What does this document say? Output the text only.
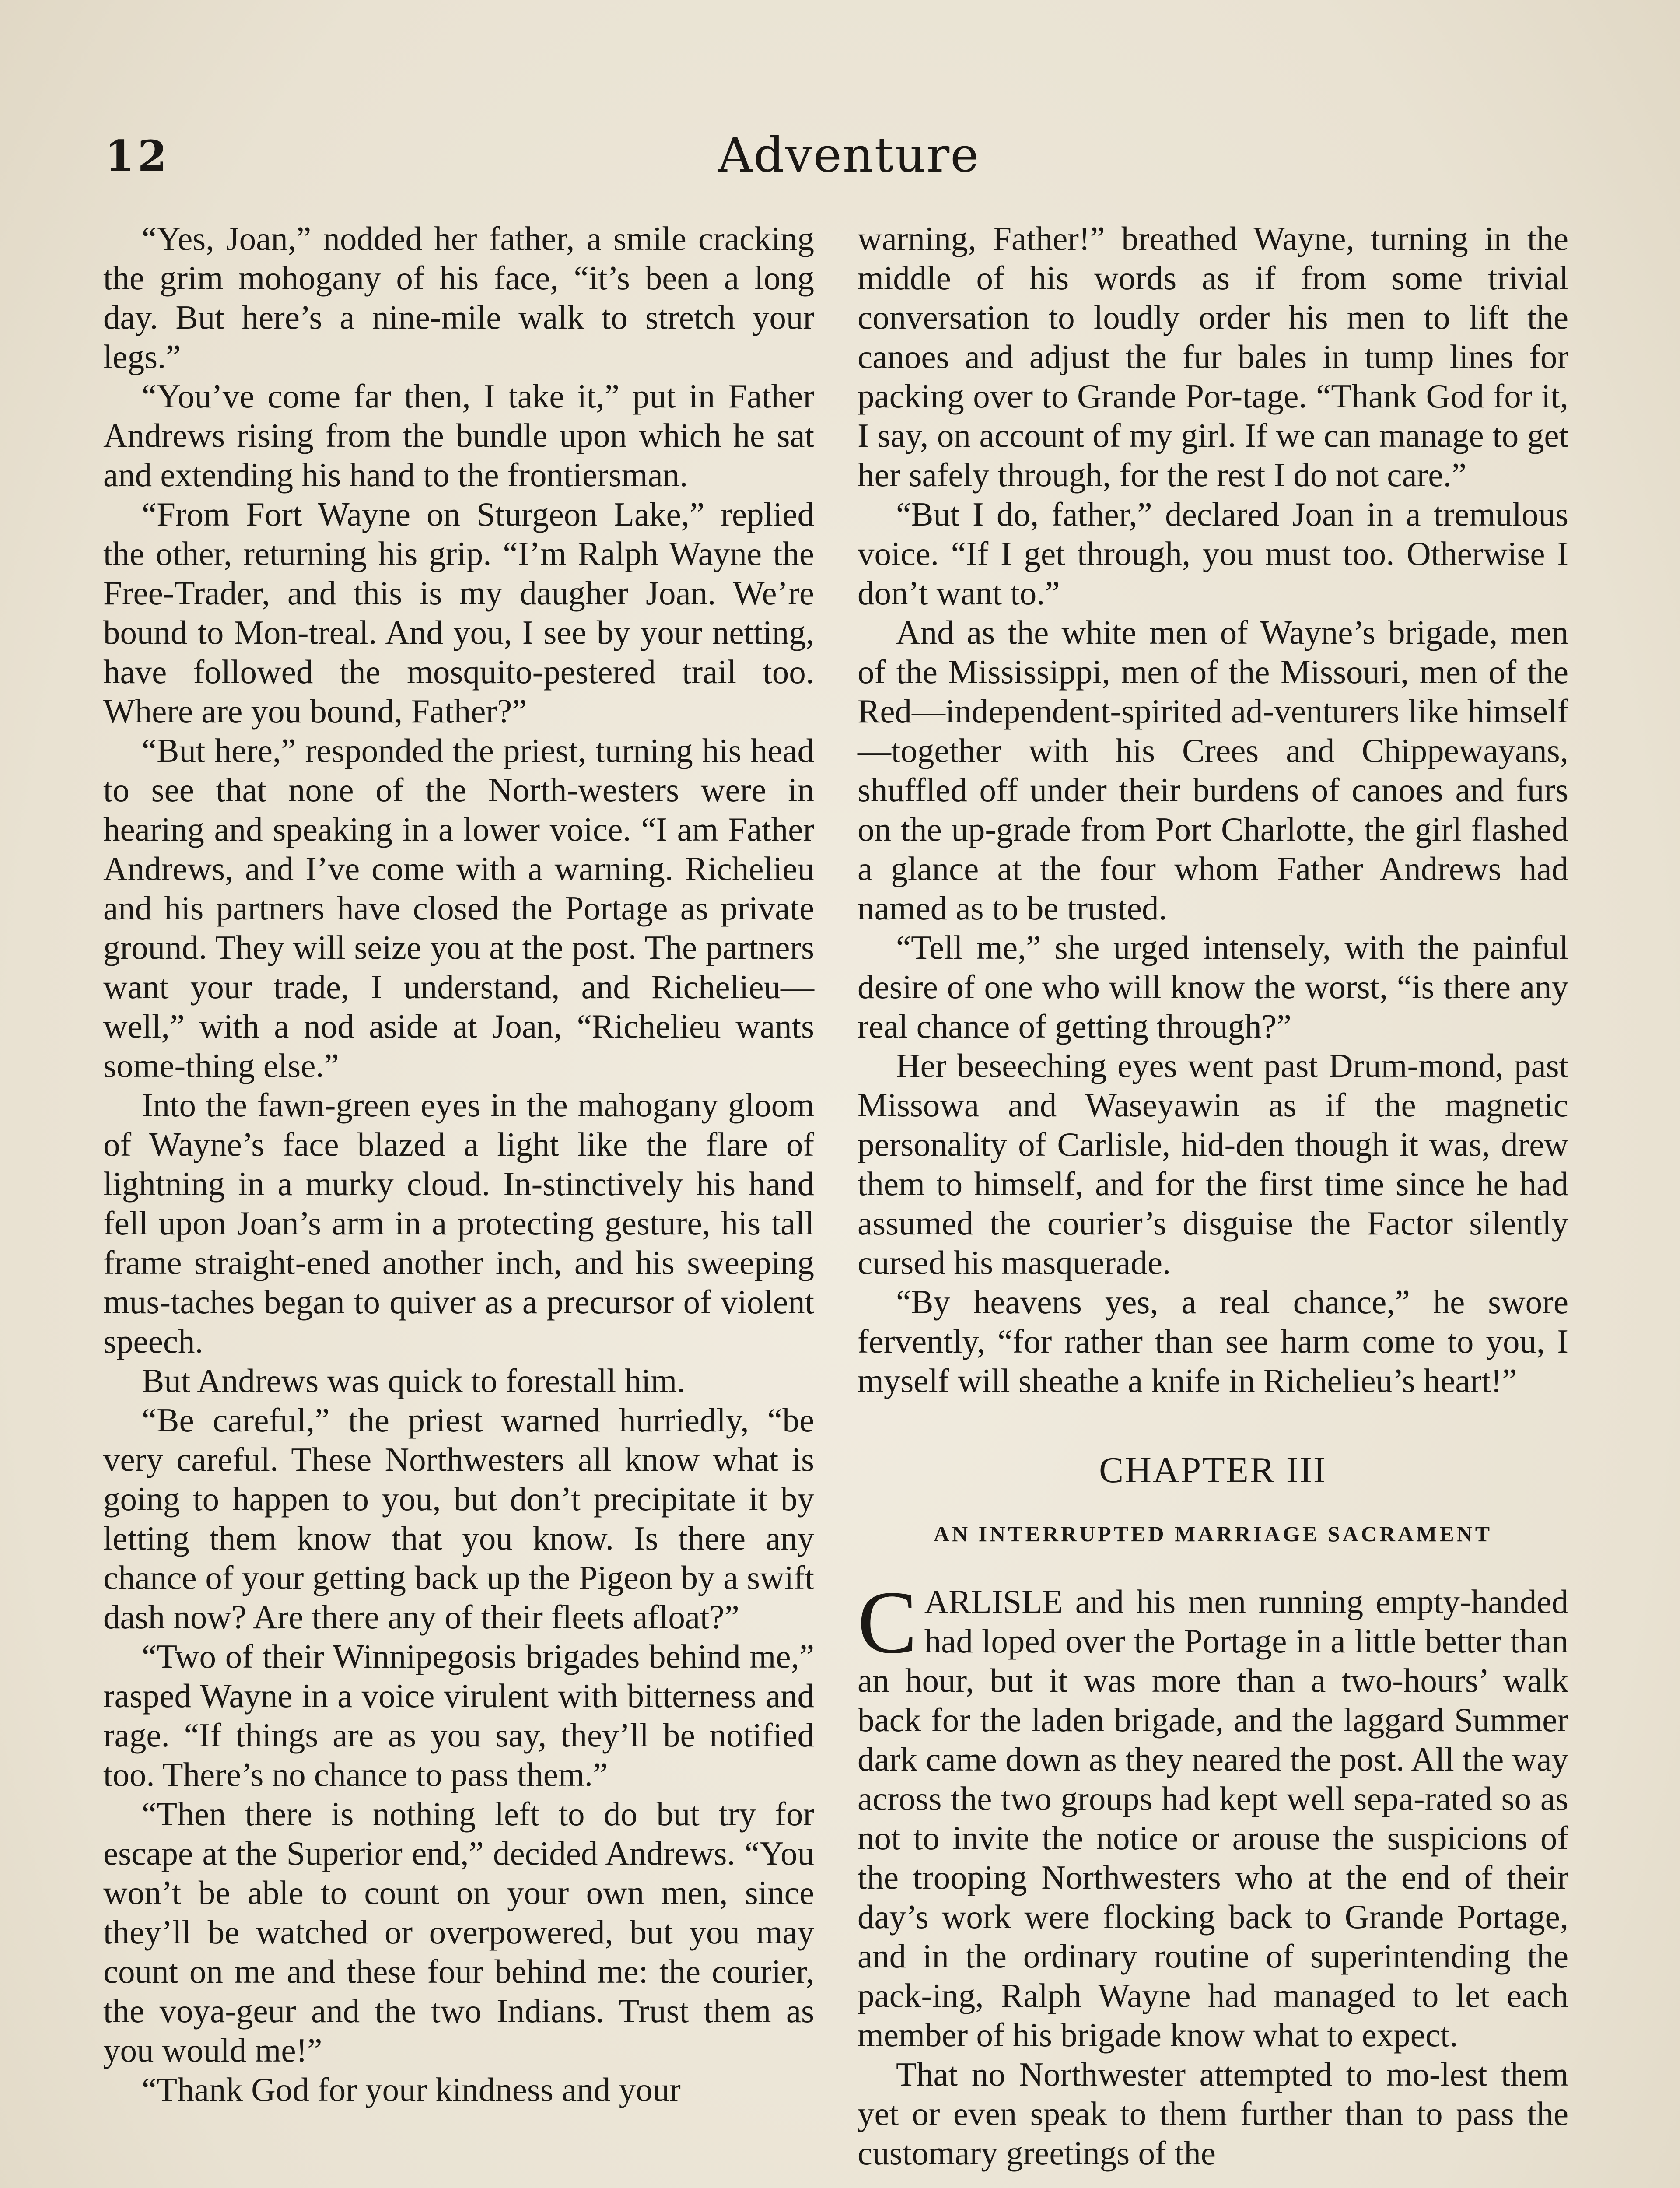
12	Adventure

“Yes, Joan,” nodded her father, a smile cracking the grim mohogany of his face, “it’s been a long day. But here’s a nine-mile walk to stretch your legs.”

“You’ve come far then, I take it,” put in Father Andrews rising from the bundle upon which he sat and extending his hand to the frontiersman.

“From Fort Wayne on Sturgeon Lake,” replied the other, returning his grip. “I’m Ralph Wayne the Free-Trader, and this is my daugher Joan. We’re bound to Mon-treal. And you, I see by your netting, have followed the mosquito-pestered trail too. Where are you bound, Father?”

“But here,” responded the priest, turning his head to see that none of the North-westers were in hearing and speaking in a lower voice. “I am Father Andrews, and I’ve come with a warning. Richelieu and his partners have closed the Portage as private ground. They will seize you at the post. The partners want your trade, I understand, and Richelieu—well,” with a nod aside at Joan, “Richelieu wants some-thing else.”

Into the fawn-green eyes in the mahogany gloom of Wayne’s face blazed a light like the flare of lightning in a murky cloud. In-stinctively his hand fell upon Joan’s arm in a protecting gesture, his tall frame straight-ened another inch, and his sweeping mus-taches began to quiver as a precursor of violent speech.

But Andrews was quick to forestall him.

“Be careful,” the priest warned hurriedly, “be very careful. These Northwesters all know what is going to happen to you, but don’t precipitate it by letting them know that you know. Is there any chance of your getting back up the Pigeon by a swift dash now? Are there any of their fleets afloat?”

“Two of their Winnipegosis brigades behind me,” rasped Wayne in a voice virulent with bitterness and rage. “If things are as you say, they’ll be notified too. There’s no chance to pass them.”

“Then there is nothing left to do but try for escape at the Superior end,” decided Andrews. “You won’t be able to count on your own men, since they’ll be watched or overpowered, but you may count on me and these four behind me: the courier, the voya-geur and the two Indians. Trust them as you would me!”

“Thank God for your kindness and your

warning, Father!” breathed Wayne, turning in the middle of his words as if from some trivial conversation to loudly order his men to lift the canoes and adjust the fur bales in tump lines for packing over to Grande Por-tage. “Thank God for it, I say, on account of my girl. If we can manage to get her safely through, for the rest I do not care.”

“But I do, father,” declared Joan in a tremulous voice. “If I get through, you must too. Otherwise I don’t want to.”

And as the white men of Wayne’s brigade, men of the Mississippi, men of the Missouri, men of the Red—independent-spirited ad-venturers like himself—together with his Crees and Chippewayans, shuffled off under their burdens of canoes and furs on the up-grade from Port Charlotte, the girl flashed a glance at the four whom Father Andrews had named as to be trusted.

“Tell me,” she urged intensely, with the painful desire of one who will know the worst, “is there any real chance of getting through?”

Her beseeching eyes went past Drum-mond, past Missowa and Waseyawin as if the magnetic personality of Carlisle, hid-den though it was, drew them to himself, and for the first time since he had assumed the courier’s disguise the Factor silently cursed his masquerade.

“By heavens yes, a real chance,” he swore fervently, “for rather than see harm come to you, I myself will sheathe a knife in Richelieu’s heart!”

CHAPTER III
AN INTERRUPTED MARRIAGE SACRAMENT

CARLISLE and his men running empty-handed had loped over the Portage in a little better than an hour, but it was more than a two-hours’ walk back for the laden brigade, and the laggard Summer dark came down as they neared the post. All the way across the two groups had kept well sepa-rated so as not to invite the notice or arouse the suspicions of the trooping Northwesters who at the end of their day’s work were flocking back to Grande Portage, and in the ordinary routine of superintending the pack-ing, Ralph Wayne had managed to let each member of his brigade know what to expect.

That no Northwester attempted to mo-lest them yet or even speak to them further than to pass the customary greetings of the
